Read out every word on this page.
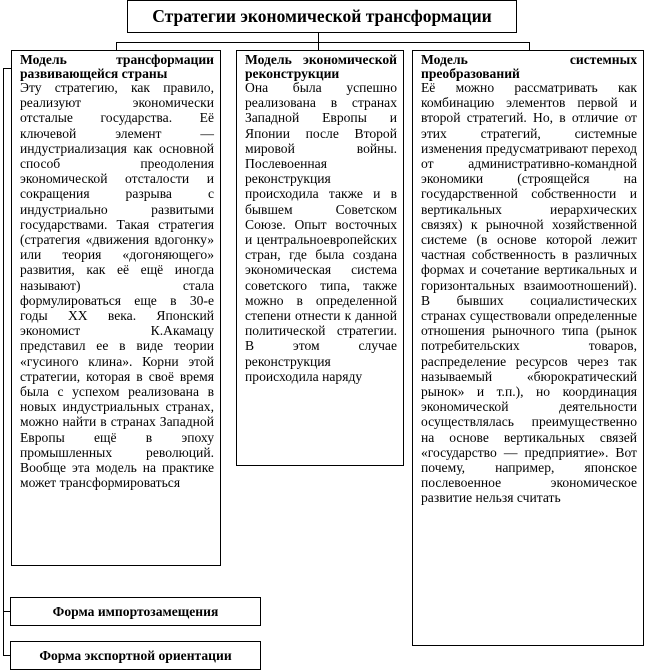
Стратегии экономической трансформации
Модель трансформации развивающейся страны

Эту стратегию, как правило, реализуют экономически отсталые государства. Её ключевой элемент — индустриализация как основной способ преодоления экономической отсталости и сокращения разрыва с индустриально развитыми государствами. Такая стратегия (стратегия «движения вдогонку» или теория «догоняющего» развития, как её ещё иногда называют) стала формулироваться еще в 30-е годы XX века. Японский экономист К.Акамацу представил ее в виде теории «гусиного клина». Корни этой стратегии, которая в своё время была с успехом реализована в новых индустриальных странах, можно найти в странах Западной Европы ещё в эпоху промышленных революций. Вообще эта модель на практике может трансформироваться

Модель экономической реконструкции

Она была успешно реализована в странах Западной Европы и Японии после Второй мировой войны. Послевоенная реконструкция происходила также и в бывшем Советском Союзе. Опыт восточных и центральноевропейских стран, где была создана экономическая система советского типа, также можно в определенной степени отнести к данной политической стратегии. В этом случае реконструкция происходила наряду

Модель системных преобразований

Её можно рассматривать как комбинацию элементов первой и второй стратегий. Но, в отличие от этих стратегий, системные изменения предусматривают переход от административно-командной экономики (строящейся на государственной собственности и вертикальных иерархических связях) к рыночной хозяйственной системе (в основе которой лежит частная собственность в различных формах и сочетание вертикальных и горизонтальных взаимоотношений). В бывших социалистических странах существовали определенные отношения рыночного типа (рынок потребительских товаров, распределение ресурсов через так называемый «бюрократический рынок» и т.п.), но координация экономической деятельности осуществлялась преимущественно на основе вертикальных связей «государство — предприятие». Вот почему, например, японское послевоенное экономическое развитие нельзя считать

Форма импортозамещения
Форма экспортной ориентации
